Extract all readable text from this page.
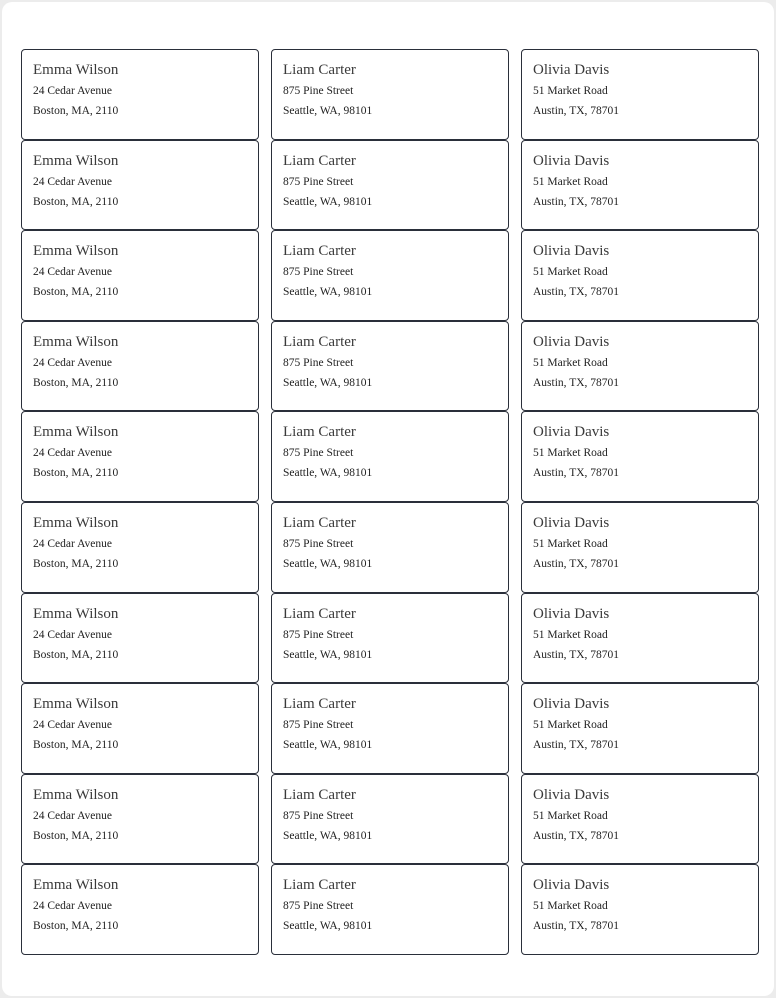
Emma Wilson
24 Cedar Avenue
Boston, MA, 2110
Liam Carter
875 Pine Street
Seattle, WA, 98101
Olivia Davis
51 Market Road
Austin, TX, 78701
Emma Wilson
24 Cedar Avenue
Boston, MA, 2110
Liam Carter
875 Pine Street
Seattle, WA, 98101
Olivia Davis
51 Market Road
Austin, TX, 78701
Emma Wilson
24 Cedar Avenue
Boston, MA, 2110
Liam Carter
875 Pine Street
Seattle, WA, 98101
Olivia Davis
51 Market Road
Austin, TX, 78701
Emma Wilson
24 Cedar Avenue
Boston, MA, 2110
Liam Carter
875 Pine Street
Seattle, WA, 98101
Olivia Davis
51 Market Road
Austin, TX, 78701
Emma Wilson
24 Cedar Avenue
Boston, MA, 2110
Liam Carter
875 Pine Street
Seattle, WA, 98101
Olivia Davis
51 Market Road
Austin, TX, 78701
Emma Wilson
24 Cedar Avenue
Boston, MA, 2110
Liam Carter
875 Pine Street
Seattle, WA, 98101
Olivia Davis
51 Market Road
Austin, TX, 78701
Emma Wilson
24 Cedar Avenue
Boston, MA, 2110
Liam Carter
875 Pine Street
Seattle, WA, 98101
Olivia Davis
51 Market Road
Austin, TX, 78701
Emma Wilson
24 Cedar Avenue
Boston, MA, 2110
Liam Carter
875 Pine Street
Seattle, WA, 98101
Olivia Davis
51 Market Road
Austin, TX, 78701
Emma Wilson
24 Cedar Avenue
Boston, MA, 2110
Liam Carter
875 Pine Street
Seattle, WA, 98101
Olivia Davis
51 Market Road
Austin, TX, 78701
Emma Wilson
24 Cedar Avenue
Boston, MA, 2110
Liam Carter
875 Pine Street
Seattle, WA, 98101
Olivia Davis
51 Market Road
Austin, TX, 78701
